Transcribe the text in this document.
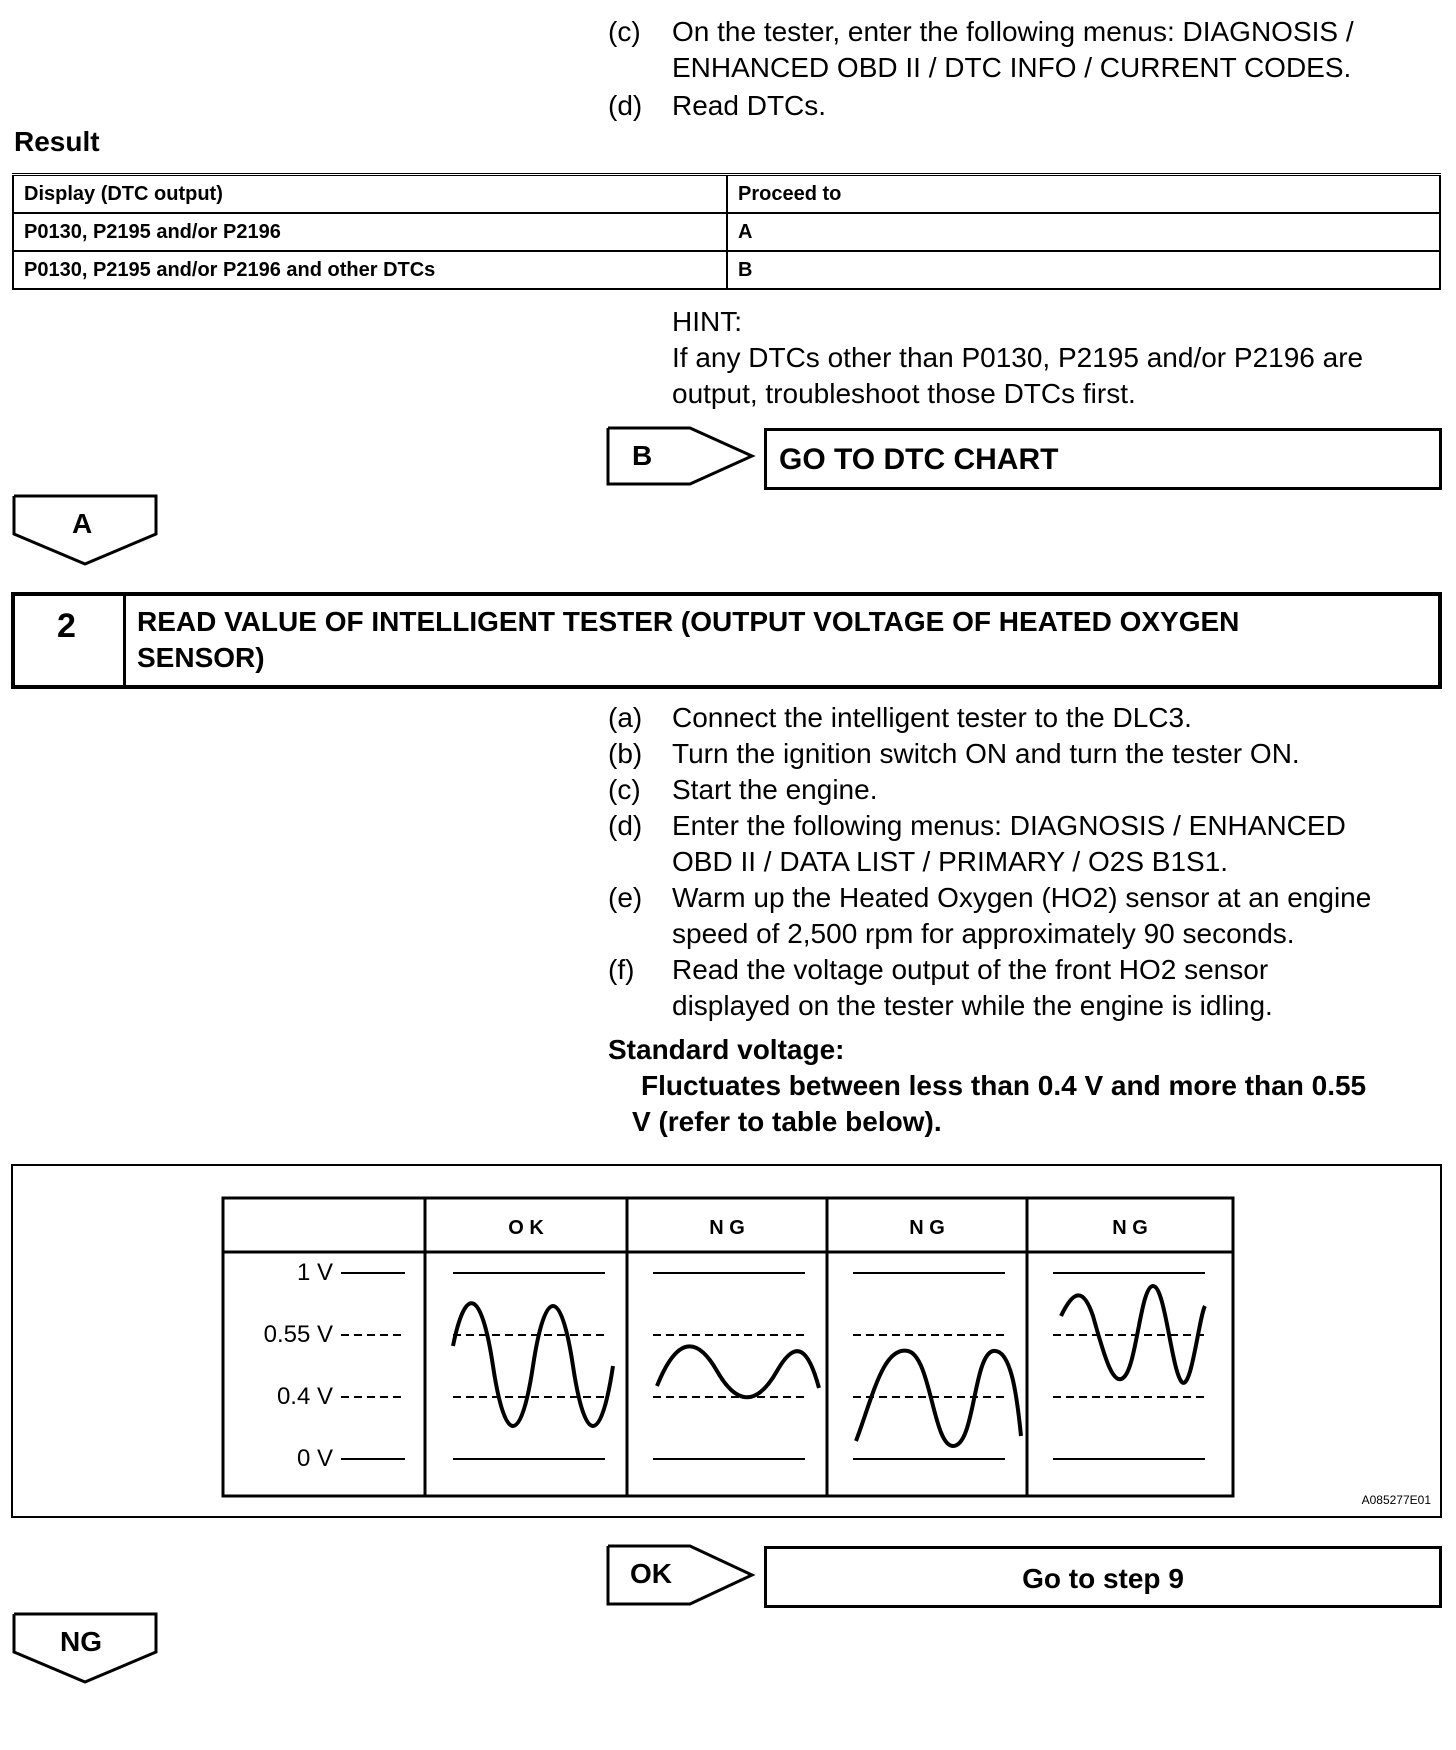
(c)	On the tester, enter the following menus: DIAGNOSIS /
ENHANCED OBD II / DTC INFO / CURRENT CODES.
(d)	Read DTCs.
Result
Display (DTC output)	Proceed to
P0130, P2195 and/or P2196	A
P0130, P2195 and/or P2196 and other DTCs	B
HINT:
If any DTCs other than P0130, P2195 and/or P2196 are
output, troubleshoot those DTCs first.
B	GO TO DTC CHART
A
2 READ VALUE OF INTELLIGENT TESTER (OUTPUT VOLTAGE OF HEATED OXYGEN
SENSOR)
(a)	Connect the intelligent tester to the DLC3.
(b)	Turn the ignition switch ON and turn the tester ON.
(c)	Start the engine.
(d)	Enter the following menus: DIAGNOSIS / ENHANCED
OBD II / DATA LIST / PRIMARY / O2S B1S1.
(e)	Warm up the Heated Oxygen (HO2) sensor at an engine
speed of 2,500 rpm for approximately 90 seconds.
(f)	Read the voltage output of the front HO2 sensor
displayed on the tester while the engine is idling.
Standard voltage:
Fluctuates between less than 0.4 V and more than 0.55
V (refer to table below).
O K	N G	N G	N G
1 V
0.55 V
0.4 V
0 V
A085277E01
OK	Go to step 9
NG
